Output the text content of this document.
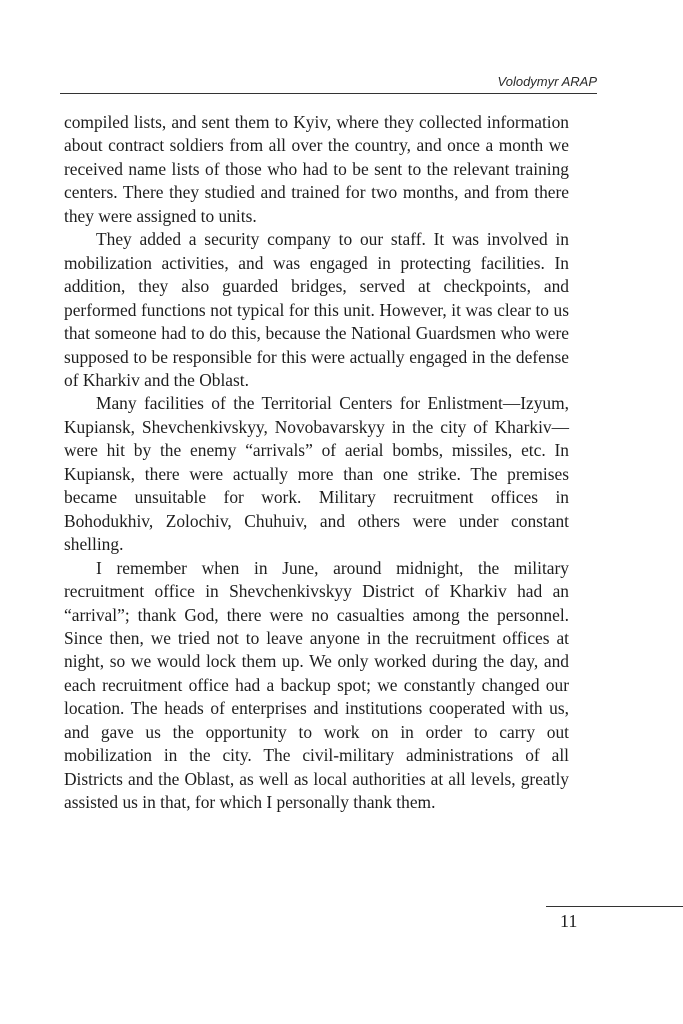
Volodymyr ARAP

compiled lists, and sent them to Kyiv, where they collected information about contract soldiers from all over the country, and once a month we received name lists of those who had to be sent to the relevant training centers. There they studied and trained for two months, and from there they were assigned to units.

They added a security company to our staff. It was involved in mobilization activities, and was engaged in protecting facilities. In addition, they also guarded bridges, served at checkpoints, and performed functions not typical for this unit. However, it was clear to us that someone had to do this, because the National Guardsmen who were supposed to be responsible for this were actually engaged in the defense of Kharkiv and the Oblast.

Many facilities of the Territorial Centers for Enlistment—Izyum, Kupiansk, Shevchenkivskyy, Novobavarskyy in the city of Kharkiv—were hit by the enemy “arrivals” of aerial bombs, missiles, etc. In Kupiansk, there were actually more than one strike. The premises became unsuitable for work. Military recruitment offices in Bohodukhiv, Zolochiv, Chuhuiv, and others were under constant shelling.

I remember when in June, around midnight, the military recruitment office in Shevchenkivskyy District of Kharkiv had an “arrival”; thank God, there were no casualties among the personnel. Since then, we tried not to leave anyone in the recruitment offices at night, so we would lock them up. We only worked during the day, and each recruitment office had a backup spot; we constantly changed our location. The heads of enterprises and institutions cooperated with us, and gave us the opportunity to work on in order to carry out mobilization in the city. The civil-military administrations of all Districts and the Oblast, as well as local authorities at all levels, greatly assisted us in that, for which I personally thank them.

11
